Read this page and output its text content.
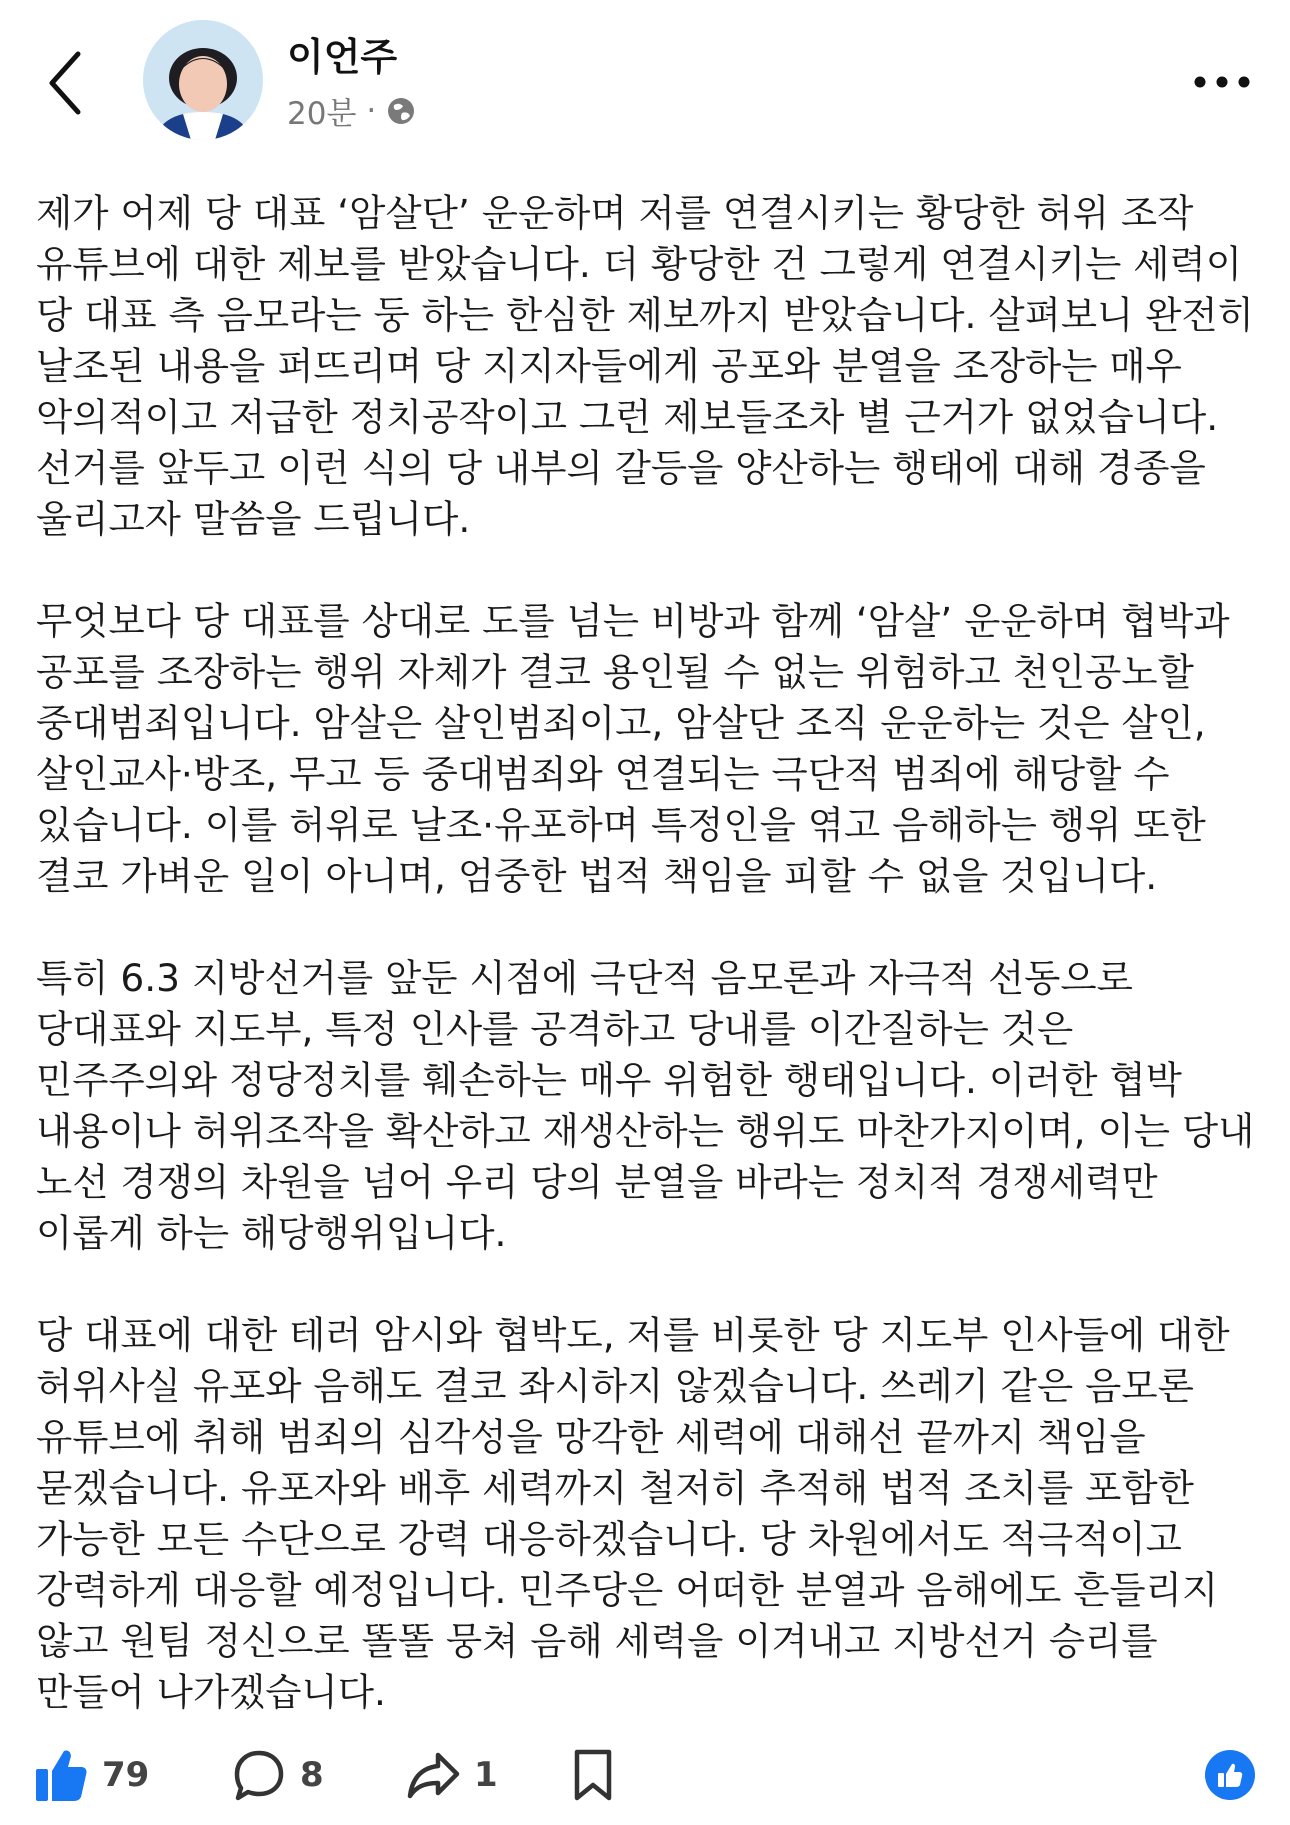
이언주
20분 ·

제가 어제 당 대표 ‘암살단’ 운운하며 저를 연결시키는 황당한 허위 조작 유튜브에 대한 제보를 받았습니다. 더 황당한 건 그렇게 연결시키는 세력이 당 대표 측 음모라는 둥 하는 한심한 제보까지 받았습니다. 살펴보니 완전히 날조된 내용을 퍼뜨리며 당 지지자들에게 공포와 분열을 조장하는 매우 악의적이고 저급한 정치공작이고 그런 제보들조차 별 근거가 없었습니다. 선거를 앞두고 이런 식의 당 내부의 갈등을 양산하는 행태에 대해 경종을 울리고자 말씀을 드립니다.

무엇보다 당 대표를 상대로 도를 넘는 비방과 함께 ‘암살’ 운운하며 협박과 공포를 조장하는 행위 자체가 결코 용인될 수 없는 위험하고 천인공노할 중대범죄입니다. 암살은 살인범죄이고, 암살단 조직 운운하는 것은 살인, 살인교사·방조, 무고 등 중대범죄와 연결되는 극단적 범죄에 해당할 수 있습니다. 이를 허위로 날조·유포하며 특정인을 엮고 음해하는 행위 또한 결코 가벼운 일이 아니며, 엄중한 법적 책임을 피할 수 없을 것입니다.

특히 6.3 지방선거를 앞둔 시점에 극단적 음모론과 자극적 선동으로 당대표와 지도부, 특정 인사를 공격하고 당내를 이간질하는 것은 민주주의와 정당정치를 훼손하는 매우 위험한 행태입니다. 이러한 협박 내용이나 허위조작을 확산하고 재생산하는 행위도 마찬가지이며, 이는 당내 노선 경쟁의 차원을 넘어 우리 당의 분열을 바라는 정치적 경쟁세력만 이롭게 하는 해당행위입니다.

당 대표에 대한 테러 암시와 협박도, 저를 비롯한 당 지도부 인사들에 대한 허위사실 유포와 음해도 결코 좌시하지 않겠습니다. 쓰레기 같은 음모론 유튜브에 취해 범죄의 심각성을 망각한 세력에 대해선 끝까지 책임을 묻겠습니다. 유포자와 배후 세력까지 철저히 추적해 법적 조치를 포함한 가능한 모든 수단으로 강력 대응하겠습니다. 당 차원에서도 적극적이고 강력하게 대응할 예정입니다. 민주당은 어떠한 분열과 음해에도 흔들리지 않고 원팀 정신으로 똘똘 뭉쳐 음해 세력을 이겨내고 지방선거 승리를 만들어 나가겠습니다.

79	8	1
